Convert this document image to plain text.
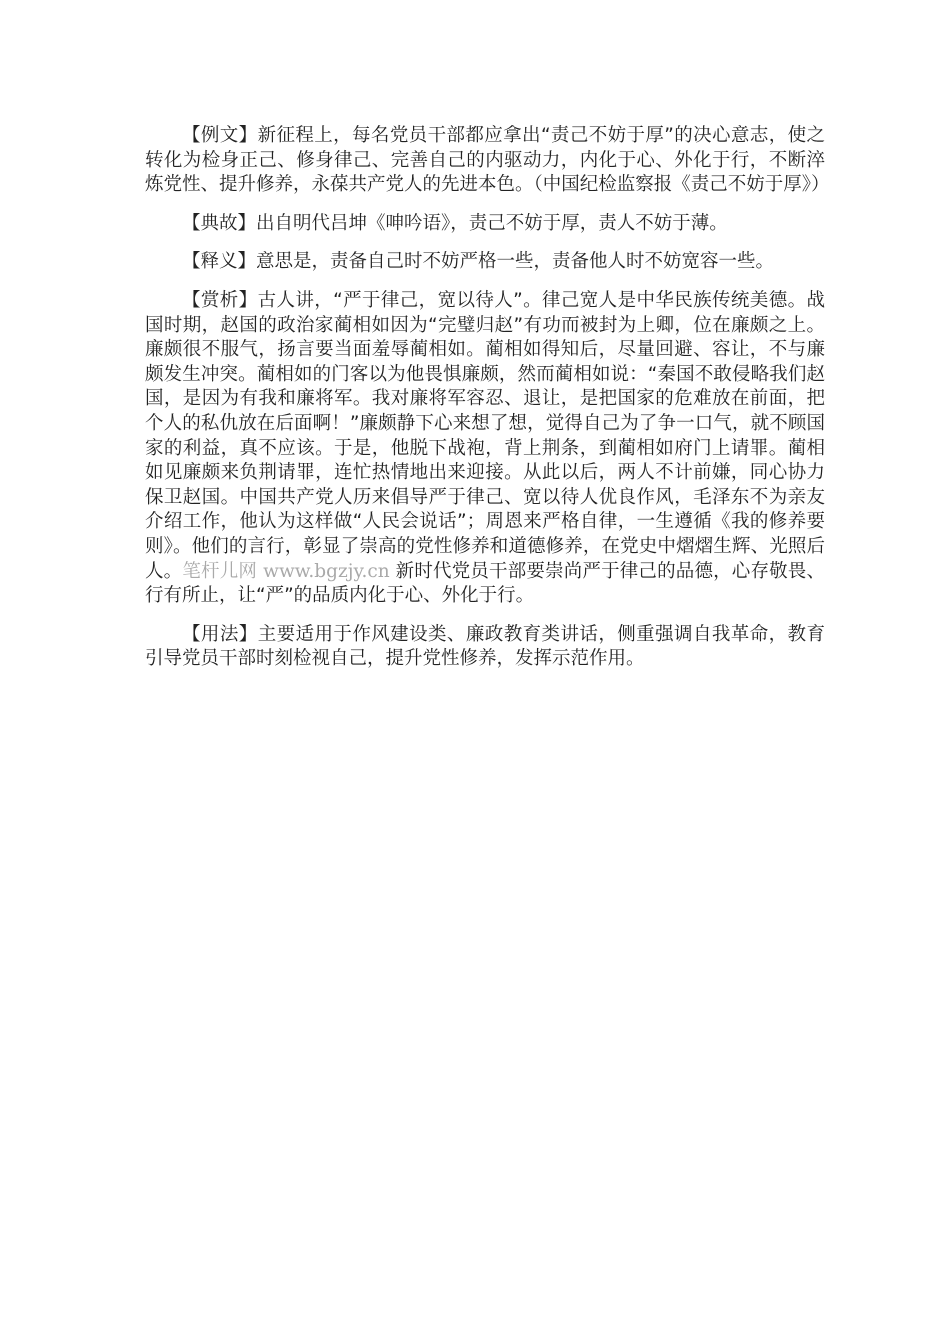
【例文】新征程上，每名党员干部都应拿出“责己不妨于厚”的决心意志，使之转化为检身正己、修身律己、完善自己的内驱动力，内化于心、外化于行，不断淬炼党性、提升修养，永葆共产党人的先进本色。（中国纪检监察报《责己不妨于厚》）

【典故】出自明代吕坤《呻吟语》，责己不妨于厚，责人不妨于薄。

【释义】意思是，责备自己时不妨严格一些，责备他人时不妨宽容一些。

【赏析】古人讲，“严于律己，宽以待人”。律己宽人是中华民族传统美德。战国时期，赵国的政治家蔺相如因为“完璧归赵”有功而被封为上卿，位在廉颇之上。廉颇很不服气，扬言要当面羞辱蔺相如。蔺相如得知后，尽量回避、容让，不与廉颇发生冲突。蔺相如的门客以为他畏惧廉颇，然而蔺相如说：“秦国不敢侵略我们赵国，是因为有我和廉将军。我对廉将军容忍、退让，是把国家的危难放在前面，把个人的私仇放在后面啊！”廉颇静下心来想了想，觉得自己为了争一口气，就不顾国家的利益，真不应该。于是，他脱下战袍，背上荆条，到蔺相如府门上请罪。蔺相如见廉颇来负荆请罪，连忙热情地出来迎接。从此以后，两人不计前嫌，同心协力保卫赵国。中国共产党人历来倡导严于律己、宽以待人优良作风，毛泽东不为亲友介绍工作，他认为这样做“人民会说话”；周恩来严格自律，一生遵循《我的修养要则》。他们的言行，彰显了崇高的党性修养和道德修养，在党史中熠熠生辉、光照后人。笔杆儿网 www.bgzjy.cn 新时代党员干部要崇尚严于律己的品德，心存敬畏、行有所止，让“严”的品质内化于心、外化于行。

【用法】主要适用于作风建设类、廉政教育类讲话，侧重强调自我革命，教育引导党员干部时刻检视自己，提升党性修养，发挥示范作用。
